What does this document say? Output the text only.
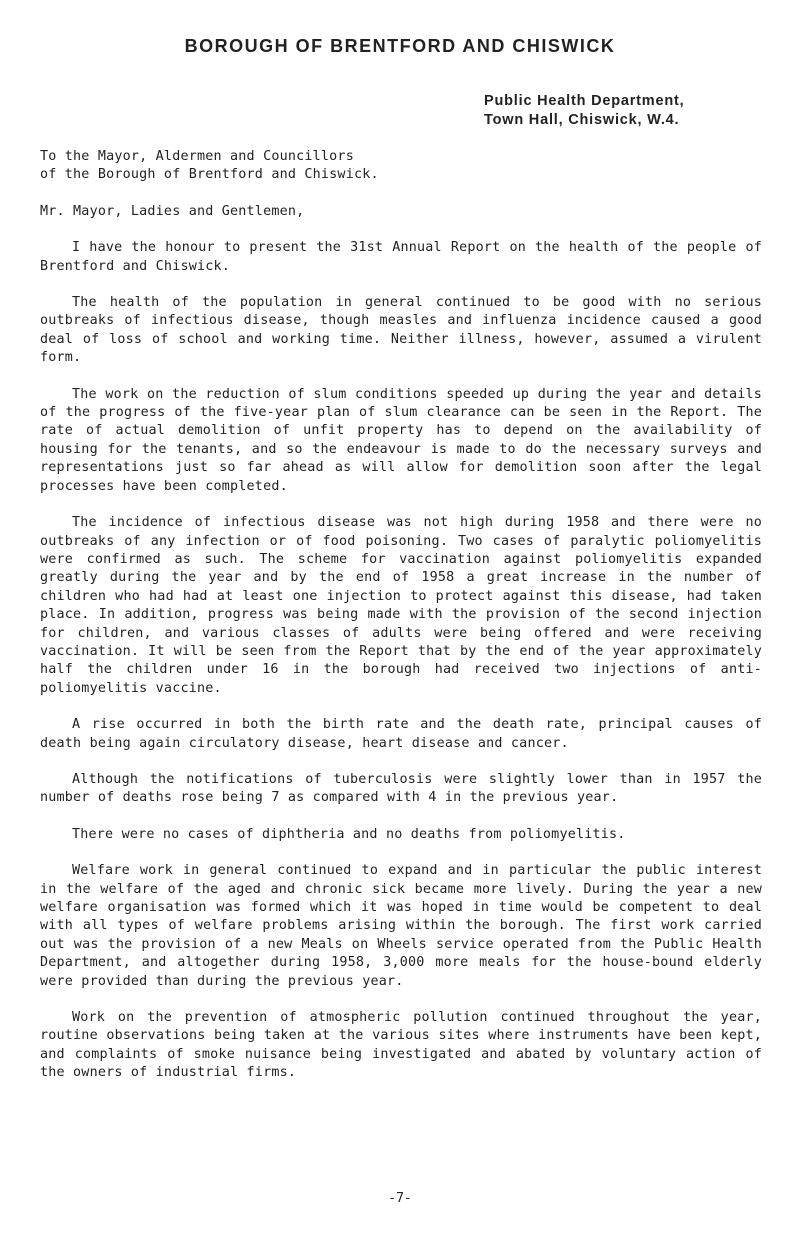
BOROUGH OF BRENTFORD AND CHISWICK
Public Health Department,
Town Hall, Chiswick, W.4.
To the Mayor, Aldermen and Councillors
of the Borough of Brentford and Chiswick.

Mr. Mayor, Ladies and Gentlemen,

I have the honour to present the 31st Annual Report on the health of the people of Brentford and Chiswick.

The health of the population in general continued to be good with no serious outbreaks of infectious disease, though measles and influenza incidence caused a good deal of loss of school and working time. Neither illness, however, assumed a virulent form.

The work on the reduction of slum conditions speeded up during the year and details of the progress of the five-year plan of slum clearance can be seen in the Report. The rate of actual demolition of unfit property has to depend on the availability of housing for the tenants, and so the endeavour is made to do the necessary surveys and representations just so far ahead as will allow for demolition soon after the legal processes have been completed.

The incidence of infectious disease was not high during 1958 and there were no outbreaks of any infection or of food poisoning. Two cases of paralytic poliomyelitis were confirmed as such. The scheme for vaccination against poliomyelitis expanded greatly during the year and by the end of 1958 a great increase in the number of children who had had at least one injection to protect against this disease, had taken place. In addition, progress was being made with the provision of the second injection for children, and various classes of adults were being offered and were receiving vaccination. It will be seen from the Report that by the end of the year approximately half the children under 16 in the borough had received two injections of anti-poliomyelitis vaccine.

A rise occurred in both the birth rate and the death rate, principal causes of death being again circulatory disease, heart disease and cancer.

Although the notifications of tuberculosis were slightly lower than in 1957 the number of deaths rose being 7 as compared with 4 in the previous year.

There were no cases of diphtheria and no deaths from poliomyelitis.

Welfare work in general continued to expand and in particular the public interest in the welfare of the aged and chronic sick became more lively. During the year a new welfare organisation was formed which it was hoped in time would be competent to deal with all types of welfare problems arising within the borough. The first work carried out was the provision of a new Meals on Wheels service operated from the Public Health Department, and altogether during 1958, 3,000 more meals for the house-bound elderly were provided than during the previous year.

Work on the prevention of atmospheric pollution continued throughout the year, routine observations being taken at the various sites where instruments have been kept, and complaints of smoke nuisance being investigated and abated by voluntary action of the owners of industrial firms.

-7-
